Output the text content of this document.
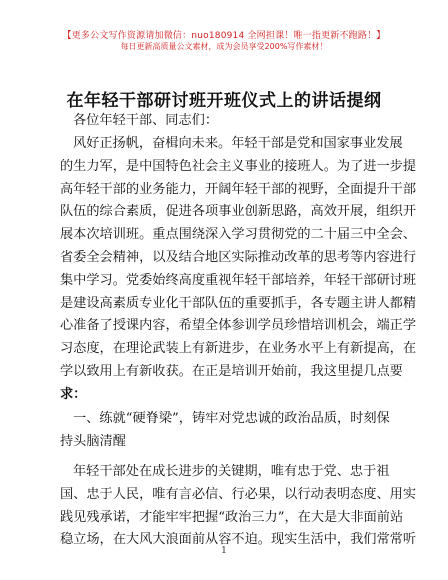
【更多公文写作资源请加微信：nuo180914 全网担课！唯一指更新不跑路！】
每日更新高质量公文素材，成为会员享受200%写作素材！
在年轻干部研讨班开班仪式上的讲话提纲
各位年轻干部、同志们：
风好正扬帆，奋楫向未来。年轻干部是党和国家事业发展
的生力军，是中国特色社会主义事业的接班人。为了进一步提
高年轻干部的业务能力，开阔年轻干部的视野，全面提升干部
队伍的综合素质，促进各项事业创新思路，高效开展，组织开
展本次培训班。重点围绕深入学习贯彻党的二十届三中全会、
省委全会精神，以及结合地区实际推动改革的思考等内容进行
集中学习。党委始终高度重视年轻干部培养，年轻干部研讨班
是建设高素质专业化干部队伍的重要抓手，各专题主讲人都精
心准备了授课内容，希望全体参训学员珍惜培训机会，端正学
习态度，在理论武装上有新进步，在业务水平上有新提高，在
学以致用上有新收获。在正是培训开始前，我这里提几点要
求：
一、练就“硬脊梁”，铸牢对党忠诚的政治品质，时刻保
持头脑清醒
年轻干部处在成长进步的关键期，唯有忠于党、忠于祖
国、忠于人民，唯有言必信、行必果，以行动表明态度、用实
践见残承诺，才能牢牢把握“政治三力”，在大是大非面前站
稳立场，在大风大浪面前从容不迫。现实生活中，我们常常听
1
